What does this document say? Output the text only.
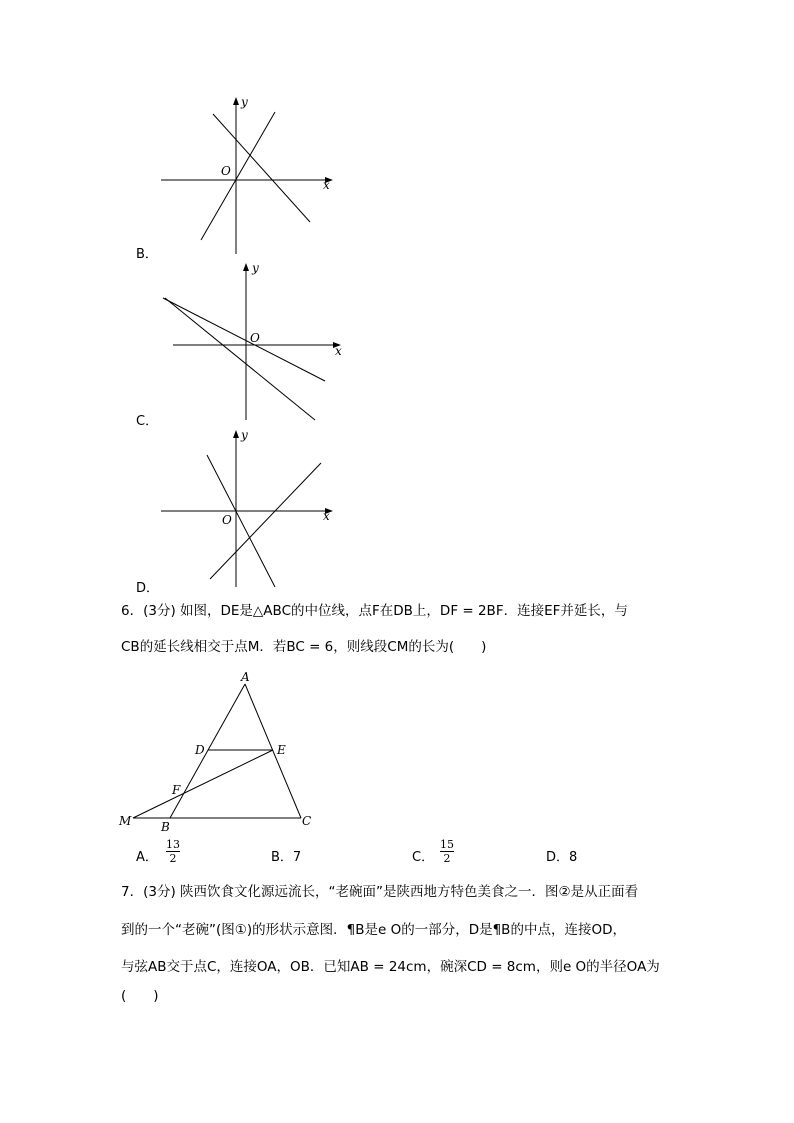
x
y
O
B．
x
y
O
C．
x
y
O
D．
6．(3分) 如图，DE是△ABC的中位线，点F在DB上，DF = 2BF．连接EF并延长，与
CB的延长线相交于点M．若BC = 6，则线段CM的长为(　　)
A
D	E
F
M B	C
A． $\frac{13}{2}$	B．7	C． $\frac{15}{2}$	D．8
7．(3分) 陕西饮食文化源远流长，“老碗面”是陕西地方特色美食之一．图②是从正面看
到的一个“老碗”(图①)的形状示意图．¶B是e O的一部分，D是¶B的中点，连接OD，
与弦AB交于点C，连接OA，OB．已知AB = 24cm，碗深CD = 8cm，则e O的半径OA为
(　　)
